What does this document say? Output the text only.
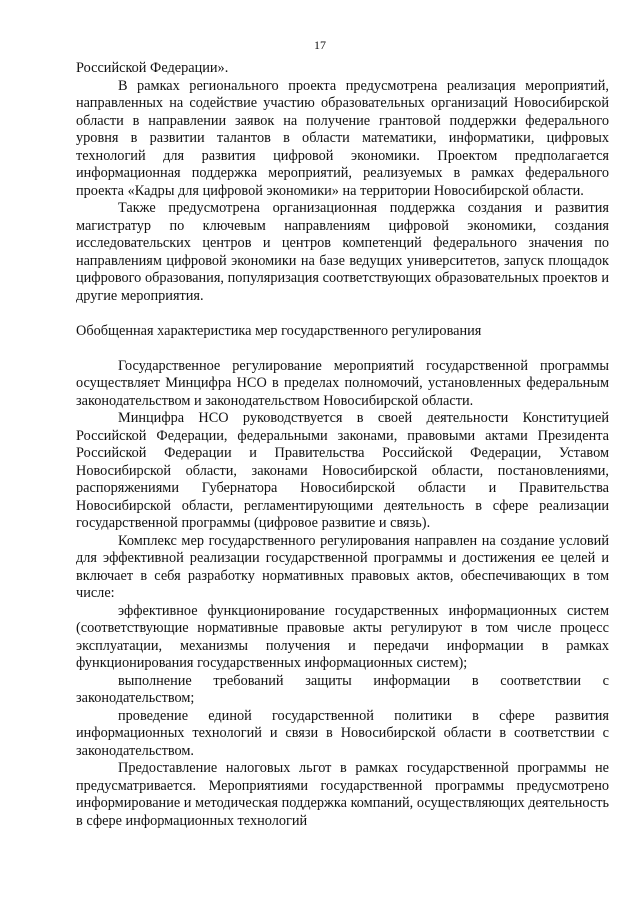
17

Российской Федерации».

В рамках регионального проекта предусмотрена реализация мероприятий, направленных на содействие участию образовательных организаций Новосибирской области в направлении заявок на получение грантовой поддержки федерального уровня в развитии талантов в области математики, информатики, цифровых технологий для развития цифровой экономики. Проектом предполагается информационная поддержка мероприятий, реализуемых в рамках федерального проекта «Кадры для цифровой экономики» на территории Новосибирской области.

Также предусмотрена организационная поддержка создания и развития магистратур по ключевым направлениям цифровой экономики, создания исследовательских центров и центров компетенций федерального значения по направлениям цифровой экономики на базе ведущих университетов, запуск площадок цифрового образования, популяризация соответствующих образовательных проектов и другие мероприятия.

Обобщенная характеристика мер государственного регулирования

Государственное регулирование мероприятий государственной программы осуществляет Минцифра НСО в пределах полномочий, установленных федеральным законодательством и законодательством Новосибирской области.

Минцифра НСО руководствуется в своей деятельности Конституцией Российской Федерации, федеральными законами, правовыми актами Президента Российской Федерации и Правительства Российской Федерации, Уставом Новосибирской области, законами Новосибирской области, постановлениями, распоряжениями Губернатора Новосибирской области и Правительства Новосибирской области, регламентирующими деятельность в сфере реализации государственной программы (цифровое развитие и связь).

Комплекс мер государственного регулирования направлен на создание условий для эффективной реализации государственной программы и достижения ее целей и включает в себя разработку нормативных правовых актов, обеспечивающих в том числе:

эффективное функционирование государственных информационных систем (соответствующие нормативные правовые акты регулируют в том числе процесс эксплуатации, механизмы получения и передачи информации в рамках функционирования государственных информационных систем);

выполнение требований защиты информации в соответствии с законодательством;

проведение единой государственной политики в сфере развития информационных технологий и связи в Новосибирской области в соответствии с законодательством.

Предоставление налоговых льгот в рамках государственной программы не предусматривается. Мероприятиями государственной программы предусмотрено информирование и методическая поддержка компаний, осуществляющих деятельность в сфере информационных технологий
